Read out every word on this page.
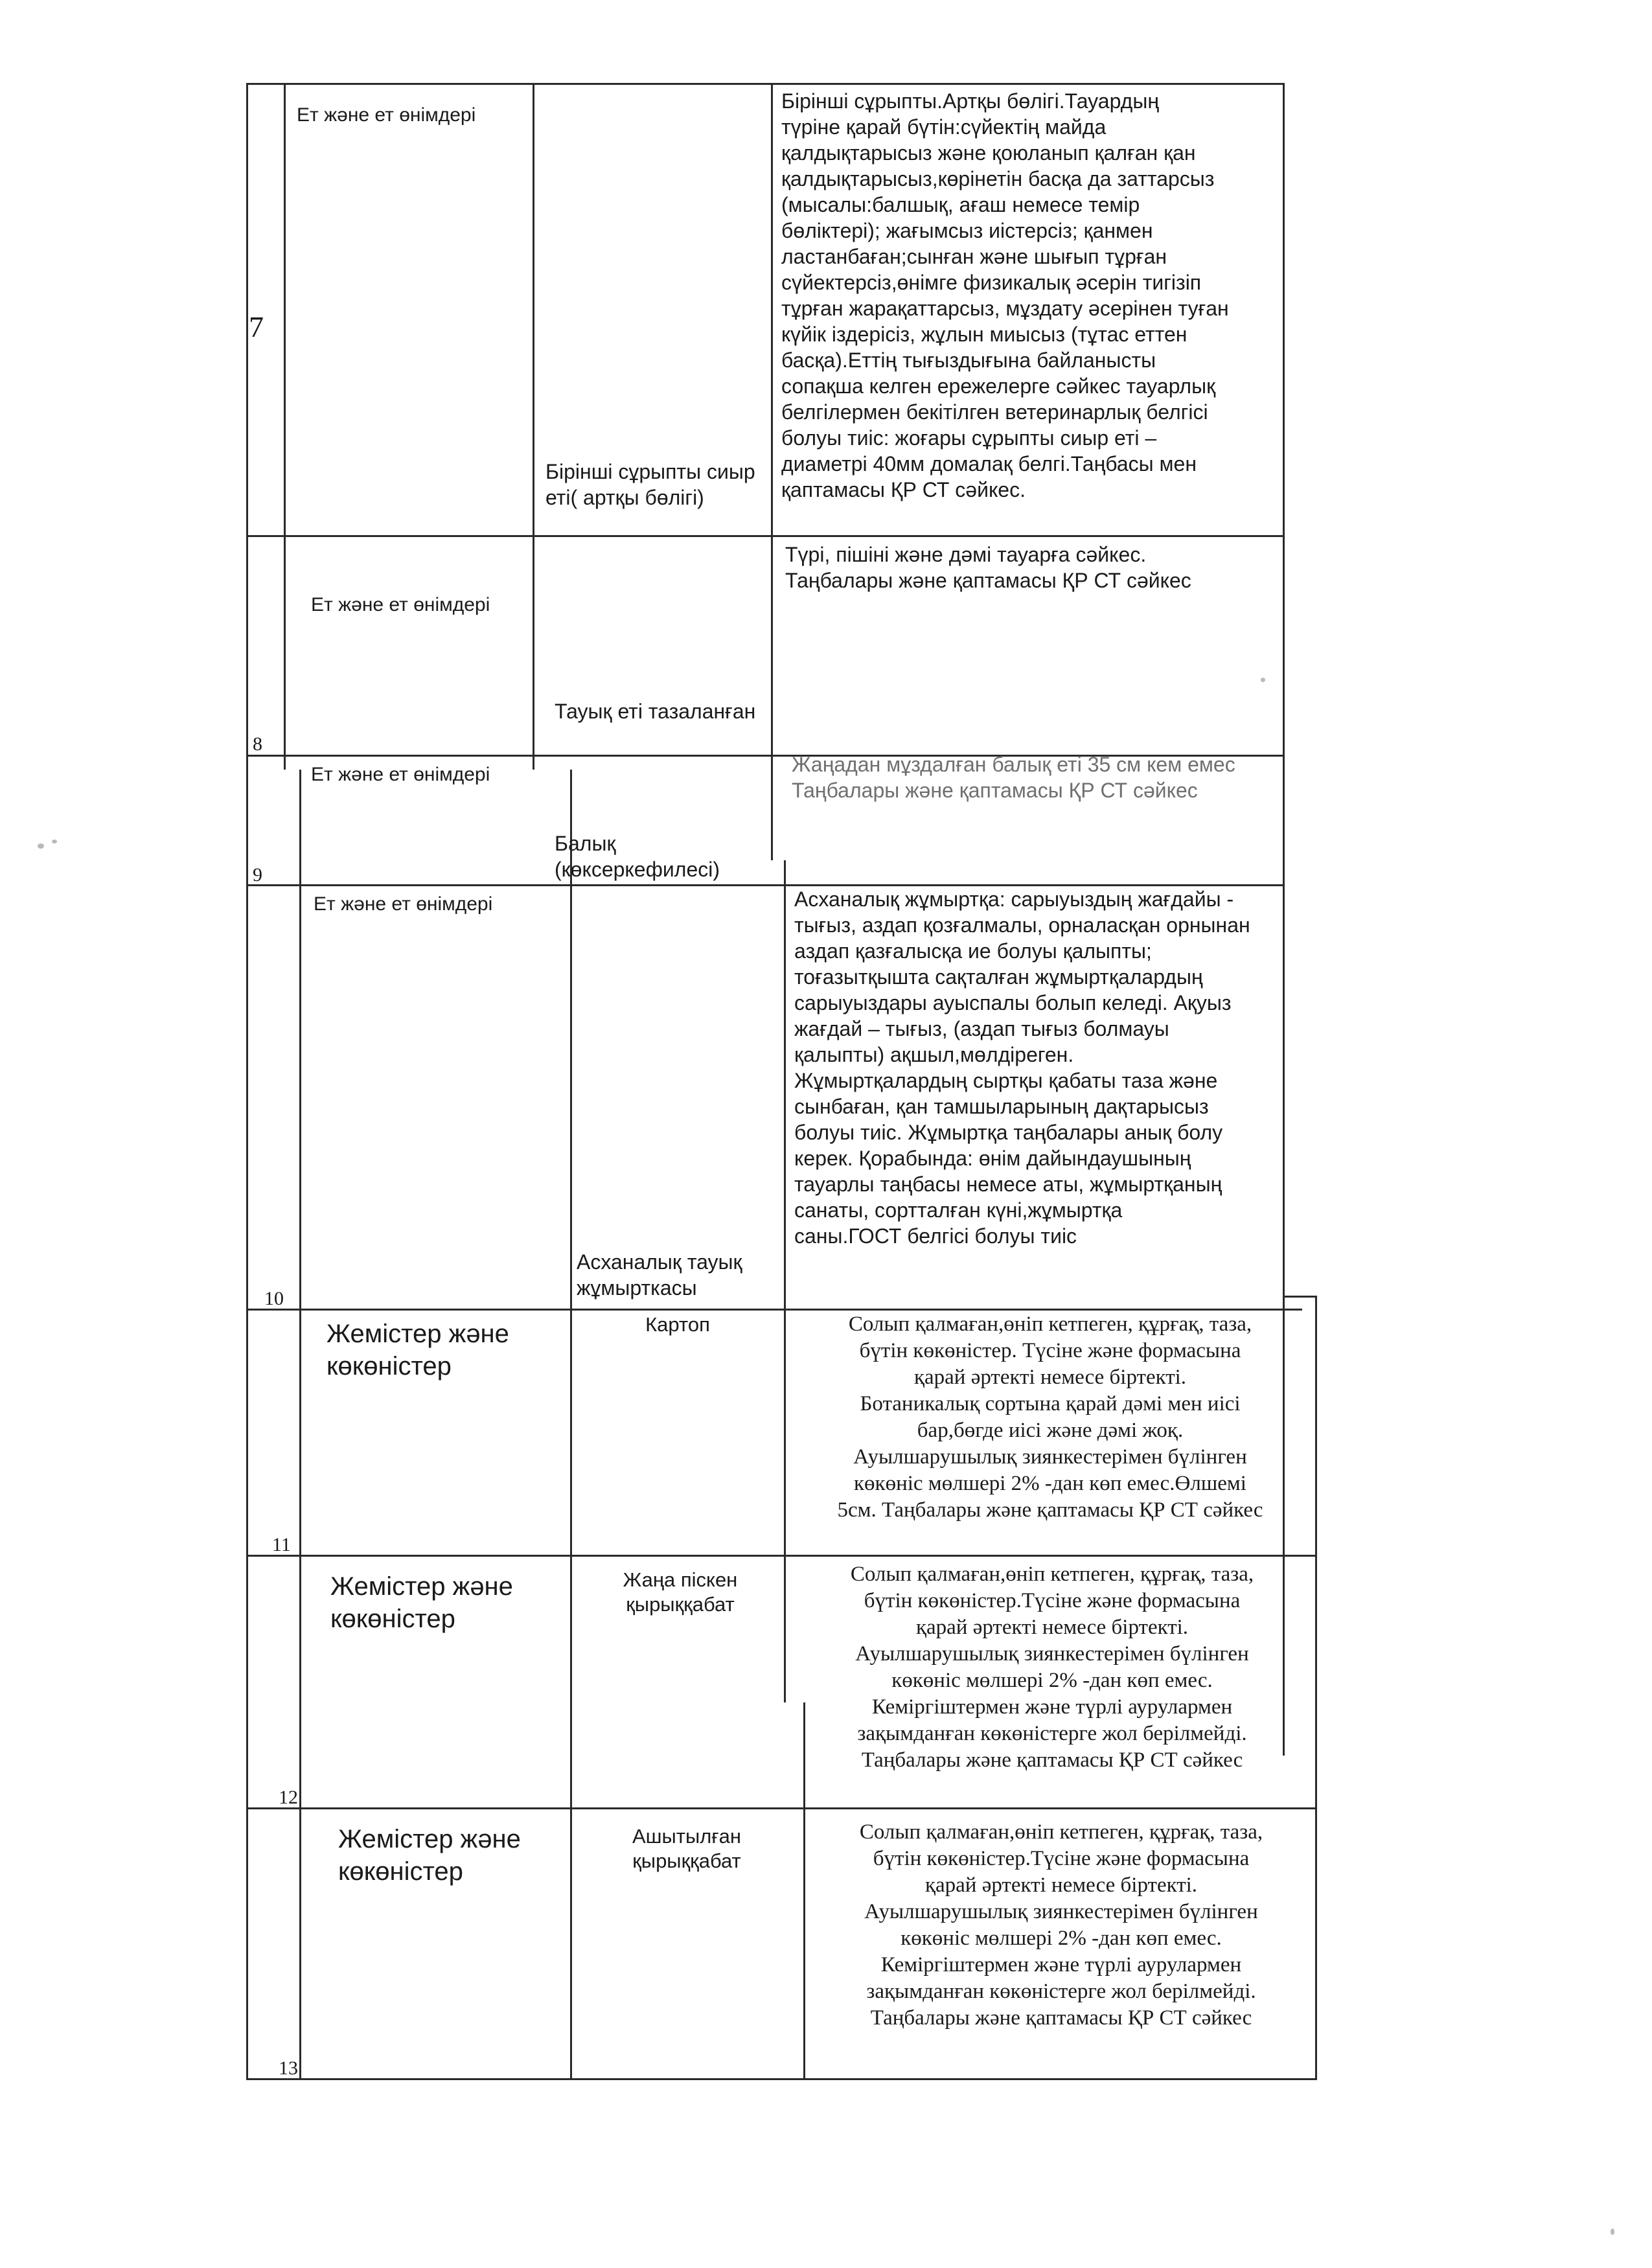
7
Ет және ет өнімдері
Бірінші сұрыпты сиыр еті( артқы бөлігі)
Бірінші сұрыпты.Артқы бөлігі.Тауардың
түріне қарай бүтін:сүйектің майда
қалдықтарысыз және қоюланып қалған қан
қалдықтарысыз,көрінетін басқа да заттарсыз
(мысалы:балшық, ағаш немесе темір
бөліктері); жағымсыз иістерсіз; қанмен
ластанбаған;сынған және шығып тұрған
сүйектерсіз,өнімге физикалық әсерін тигізіп
тұрған жарақаттарсыз, мұздату әсерінен туған
күйік іздерісіз, жұлын миысыз (тұтас еттен
басқа).Еттің тығыздығына байланысты
сопақша келген ережелерге сәйкес тауарлық
белгілермен бекітілген ветеринарлық белгісі
болуы тиіс: жоғары сұрыпты сиыр еті –
диаметрі 40мм домалақ белгі.Таңбасы мен
қаптамасы ҚР СТ сәйкес.
8
Ет және ет өнімдері
Тауық еті тазаланған
Түрі, пішіні және дәмі тауарға сәйкес.
Таңбалары және қаптамасы ҚР СТ сәйкес
9
Ет және ет өнімдері
Балық (көксеркефилесі)
Жаңадан мұздалған балық еті 35 см кем емес
Таңбалары және қаптамасы ҚР СТ сәйкес
10
Ет және ет өнімдері
Асханалық тауық жұмырткасы
Асханалық жұмыртқа: сарыуыздың жағдайы -
тығыз, аздап қозғалмалы, орналасқан орнынан
аздап қазғалысқа ие болуы қалыпты;
тоғазытқышта сақталған жұмыртқалардың
сарыуыздары ауыспалы болып келеді. Ақуыз
жағдай – тығыз, (аздап тығыз болмауы
қалыпты) ақшыл,мөлдіреген.
Жұмыртқалардың сыртқы қабаты таза және
сынбаған, қан тамшыларының дақтарысыз
болуы тиіс. Жұмыртқа таңбалары анық болу
керек. Қорабында: өнім дайындаушының
тауарлы таңбасы немесе аты, жұмыртқаның
санаты, сортталған күні,жұмыртқа
саны.ГОСТ белгісі болуы тиіс
11
Жемістер және көкөністер
Картоп	Солып қалмаған,өніп кетпеген, құрғақ, таза,
бүтін көкөністер. Түсіне және формасына
қарай әртекті немесе біртекті.
Ботаникалық сортына қарай дәмі мен иісі
бар,бөгде иісі және дәмі жоқ.
Ауылшарушылық зиянкестерімен бүлінген
көкөніс мөлшері 2% -дан көп емес.Өлшемі
5см. Таңбалары және қаптамасы ҚР СТ сәйкес
12
Жемістер және көкөністер
Жаңа піскен қырыққабат
Солып қалмаған,өніп кетпеген, құрғақ, таза,
бүтін көкөністер.Түсіне және формасына
қарай әртекті немесе біртекті.
Ауылшарушылық зиянкестерімен бүлінген
көкөніс мөлшері 2% -дан көп емес.
Кеміргіштермен және түрлі аурулармен
зақымданған көкөністерге жол берілмейді.
Таңбалары және қаптамасы ҚР СТ сәйкес
13
Жемістер және көкөністер
Ашытылған қырыққабат
Солып қалмаған,өніп кетпеген, құрғақ, таза,
бүтін көкөністер.Түсіне және формасына
қарай әртекті немесе біртекті.
Ауылшарушылық зиянкестерімен бүлінген
көкөніс мөлшері 2% -дан көп емес.
Кеміргіштермен және түрлі аурулармен
зақымданған көкөністерге жол берілмейді.
Таңбалары және қаптамасы ҚР СТ сәйкес
